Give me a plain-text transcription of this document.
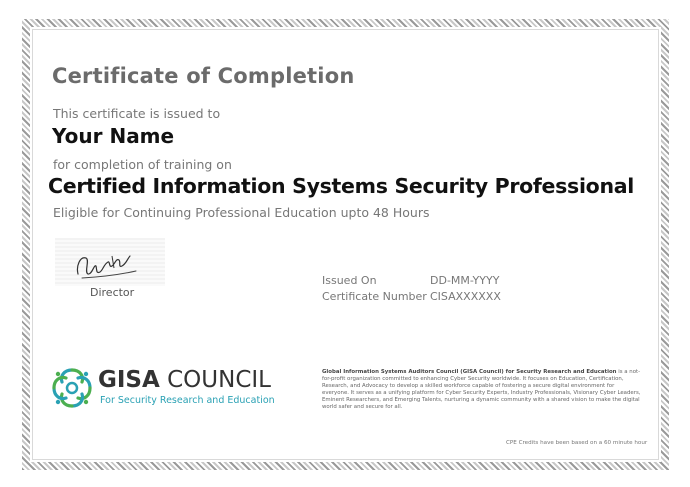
Certificate of Completion
This certificate is issued to
Your Name
for completion of training on
Certified Information Systems Security Professional
Eligible for Continuing Professional Education upto 48 Hours
Director
Issued On	DD-MM-YYYY
Certificate Number CISAXXXXXX
GISA COUNCIL
For Security Research and Education
Global Information Systems Auditors Council (GISA Council) for Security Research and Education is a not-for-profit organization committed to enhancing Cyber Security worldwide. It focuses on Education, Certification, Research, and Advocacy to develop a skilled workforce capable of fostering a secure digital environment for everyone. It serves as a unifying platform for Cyber Security Experts, Industry Professionals, Visionary Cyber Leaders, Eminent Researchers, and Emerging Talents, nurturing a dynamic community with a shared vision to make the digital world safer and secure for all.
CPE Credits have been based on a 60 minute hour
